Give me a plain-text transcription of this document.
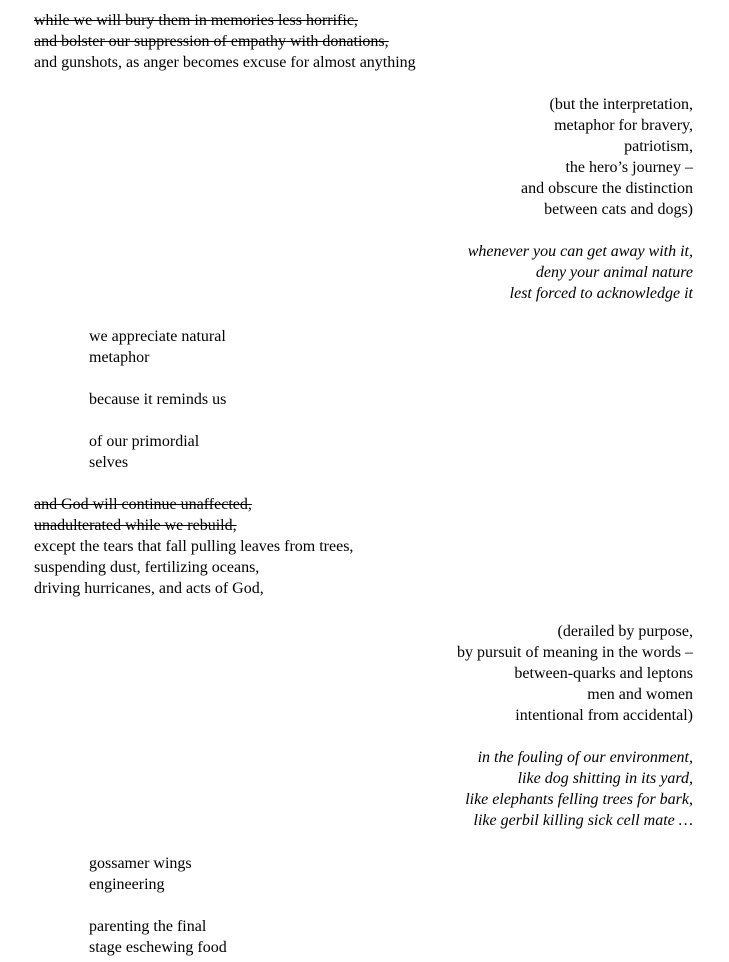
while we will bury them in memories less horrific,
and bolster our suppression of empathy with donations,
and gunshots, as anger becomes excuse for almost anything
(but the interpretation,
metaphor for bravery,
patriotism,
the hero’s journey –
and obscure the distinction
between cats and dogs)
whenever you can get away with it,
deny your animal nature
lest forced to acknowledge it
we appreciate natural
metaphor
because it reminds us
of our primordial
selves
and God will continue unaffected,
unadulterated while we rebuild,
except the tears that fall pulling leaves from trees,
suspending dust, fertilizing oceans,
driving hurricanes, and acts of God,
(derailed by purpose,
by pursuit of meaning in the words –
between-quarks and leptons
men and women
intentional from accidental)
in the fouling of our environment,
like dog shitting in its yard,
like elephants felling trees for bark,
like gerbil killing sick cell mate …
gossamer wings
engineering
parenting the final
stage eschewing food
